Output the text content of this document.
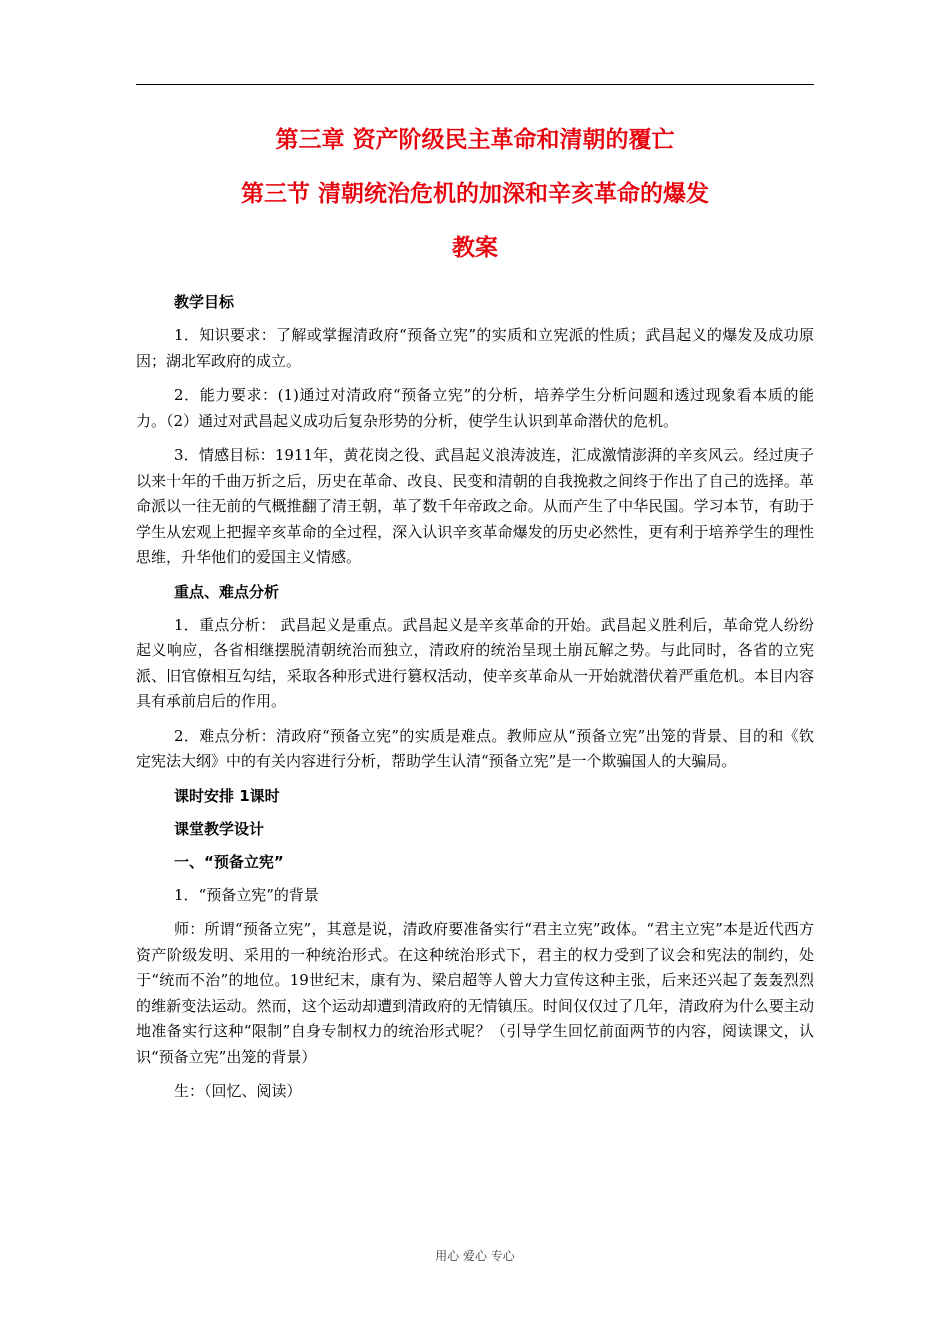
第三章 资产阶级民主革命和清朝的覆亡
第三节 清朝统治危机的加深和辛亥革命的爆发
教案
教学目标

1．知识要求：了解或掌握清政府“预备立宪”的实质和立宪派的性质；武昌起义的爆发及成功原因；湖北军政府的成立。

2．能力要求：(1)通过对清政府“预备立宪”的分析，培养学生分析问题和透过现象看本质的能力。（2）通过对武昌起义成功后复杂形势的分析，使学生认识到革命潜伏的危机。

3．情感目标：1911年，黄花岗之役、武昌起义浪涛波连，汇成激情澎湃的辛亥风云。经过庚子以来十年的千曲万折之后，历史在革命、改良、民变和清朝的自我挽救之间终于作出了自己的选择。革命派以一往无前的气概推翻了清王朝，革了数千年帝政之命。从而产生了中华民国。学习本节，有助于学生从宏观上把握辛亥革命的全过程，深入认识辛亥革命爆发的历史必然性，更有利于培养学生的理性思维，升华他们的爱国主义情感。

重点、难点分析

1．重点分析： 武昌起义是重点。武昌起义是辛亥革命的开始。武昌起义胜利后，革命党人纷纷起义响应，各省相继摆脱清朝统治而独立，清政府的统治呈现土崩瓦解之势。与此同时，各省的立宪派、旧官僚相互勾结，采取各种形式进行篡权活动，使辛亥革命从一开始就潜伏着严重危机。本目内容具有承前启后的作用。

2．难点分析：清政府“预备立宪”的实质是难点。教师应从“预备立宪”出笼的背景、目的和《钦定宪法大纲》中的有关内容进行分析，帮助学生认清“预备立宪”是一个欺骗国人的大骗局。

课时安排 1课时
课堂教学设计
一、“预备立宪”

1．“预备立宪”的背景

师：所谓“预备立宪”，其意是说，清政府要准备实行“君主立宪”政体。“君主立宪”本是近代西方资产阶级发明、采用的一种统治形式。在这种统治形式下，君主的权力受到了议会和宪法的制约，处于“统而不治”的地位。19世纪末，康有为、梁启超等人曾大力宣传这种主张，后来还兴起了轰轰烈烈的维新变法运动。然而，这个运动却遭到清政府的无情镇压。时间仅仅过了几年，清政府为什么要主动地准备实行这种“限制”自身专制权力的统治形式呢？（引导学生回忆前面两节的内容，阅读课文，认识“预备立宪”出笼的背景）

生：（回忆、阅读）

用心 爱心 专心
